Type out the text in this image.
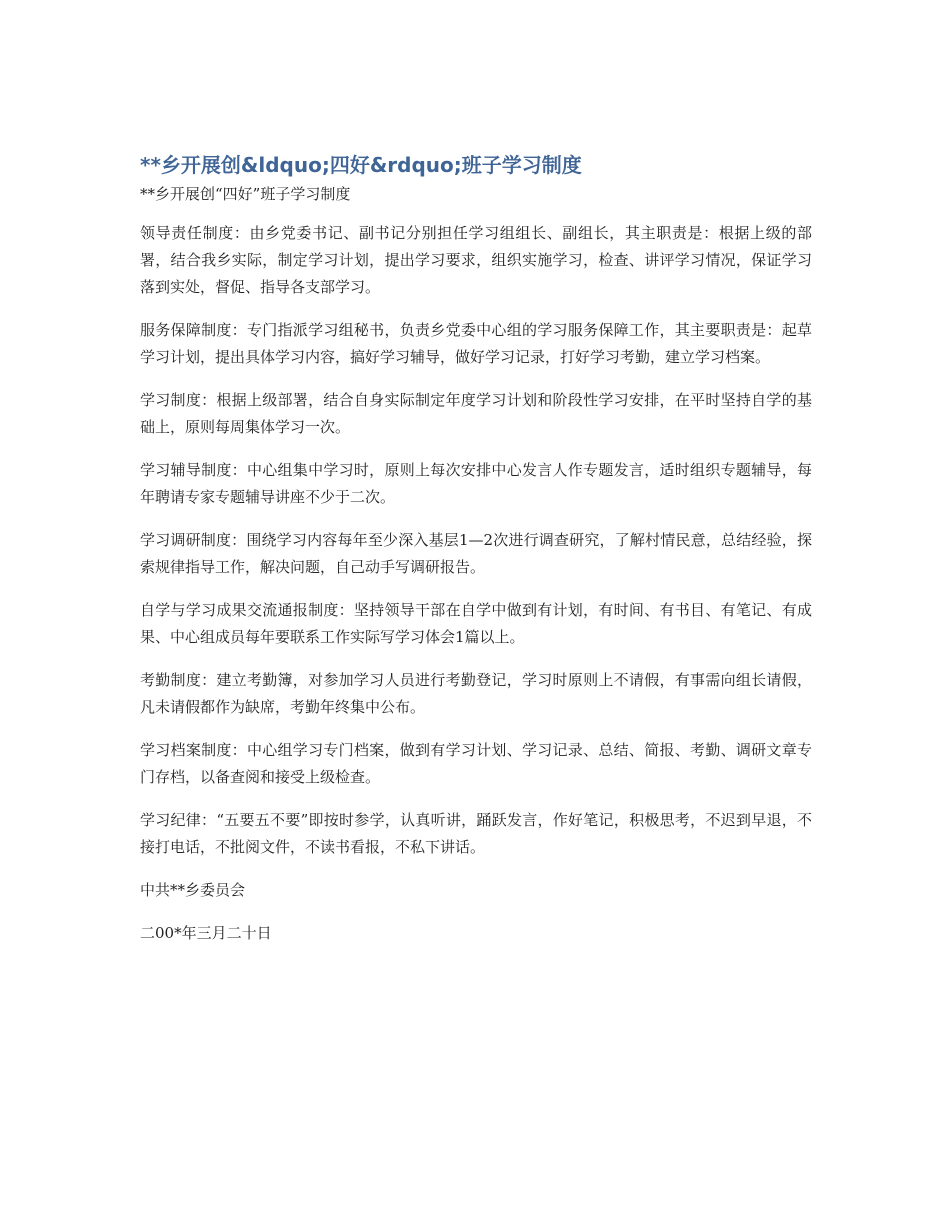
**乡开展创&ldquo;四好&rdquo;班子学习制度

**乡开展创“四好”班子学习制度

领导责任制度：由乡党委书记、副书记分别担任学习组组长、副组长，其主职责是：根据上级的部署，结合我乡实际，制定学习计划，提出学习要求，组织实施学习，检查、讲评学习情况，保证学习落到实处，督促、指导各支部学习。

服务保障制度：专门指派学习组秘书，负责乡党委中心组的学习服务保障工作，其主要职责是：起草学习计划，提出具体学习内容，搞好学习辅导，做好学习记录，打好学习考勤，建立学习档案。

学习制度：根据上级部署，结合自身实际制定年度学习计划和阶段性学习安排，在平时坚持自学的基础上，原则每周集体学习一次。

学习辅导制度：中心组集中学习时，原则上每次安排中心发言人作专题发言，适时组织专题辅导，每年聘请专家专题辅导讲座不少于二次。

学习调研制度：围绕学习内容每年至少深入基层1—2次进行调查研究，了解村情民意，总结经验，探索规律指导工作，解决问题，自己动手写调研报告。

自学与学习成果交流通报制度：坚持领导干部在自学中做到有计划，有时间、有书目、有笔记、有成果、中心组成员每年要联系工作实际写学习体会1篇以上。

考勤制度：建立考勤簿，对参加学习人员进行考勤登记，学习时原则上不请假，有事需向组长请假，凡未请假都作为缺席，考勤年终集中公布。

学习档案制度：中心组学习专门档案，做到有学习计划、学习记录、总结、简报、考勤、调研文章专门存档，以备查阅和接受上级检查。

学习纪律：“五要五不要”即按时参学，认真听讲，踊跃发言，作好笔记，积极思考，不迟到早退，不接打电话，不批阅文件，不读书看报，不私下讲话。

中共**乡委员会

二00*年三月二十日
